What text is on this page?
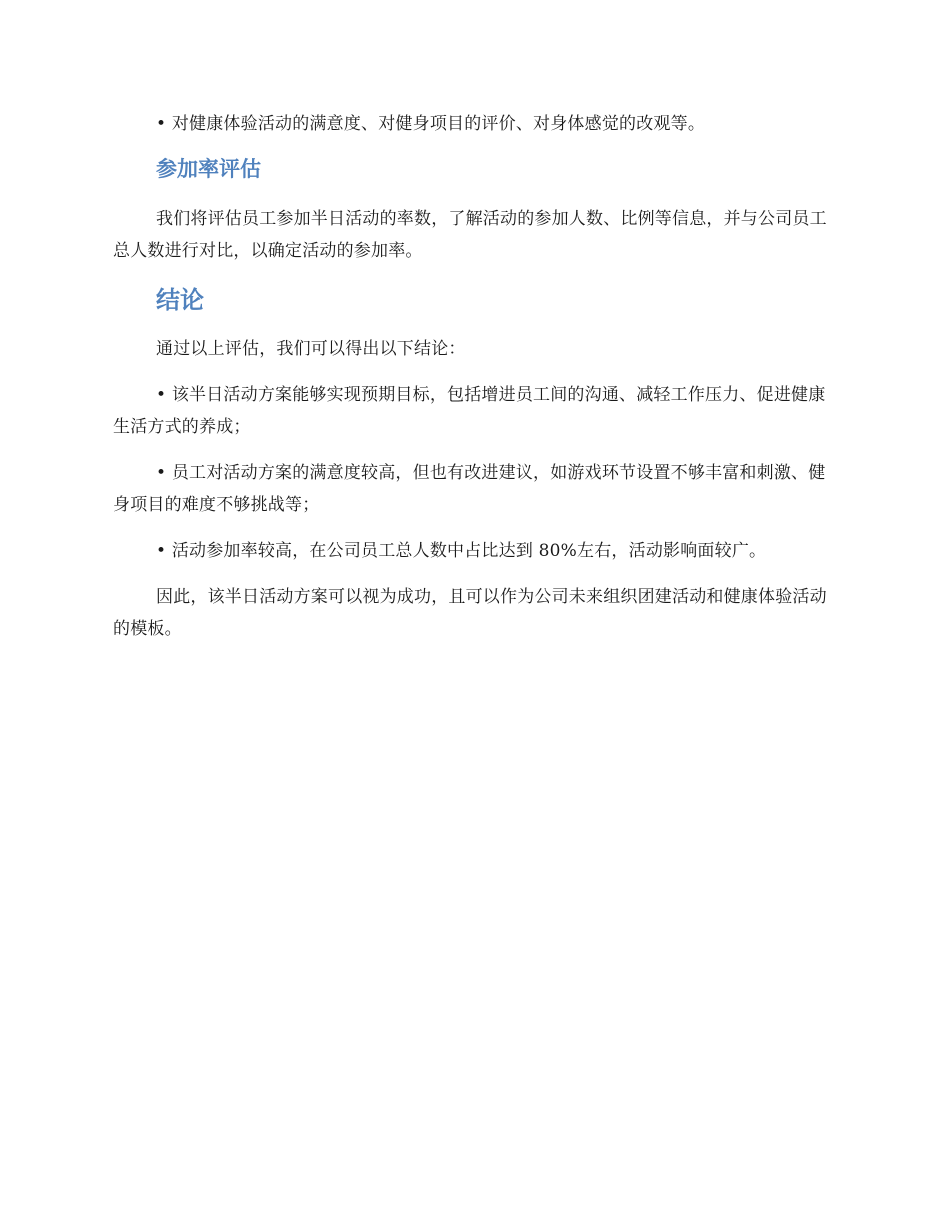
• 对健康体验活动的满意度、对健身项目的评价、对身体感觉的改观等。

参加率评估

我们将评估员工参加半日活动的率数，了解活动的参加人数、比例等信息，并与公司员工总人数进行对比，以确定活动的参加率。

结论

通过以上评估，我们可以得出以下结论：

• 该半日活动方案能够实现预期目标，包括增进员工间的沟通、减轻工作压力、促进健康生活方式的养成；

• 员工对活动方案的满意度较高，但也有改进建议，如游戏环节设置不够丰富和刺激、健身项目的难度不够挑战等；

• 活动参加率较高，在公司员工总人数中占比达到 80%左右，活动影响面较广。

因此，该半日活动方案可以视为成功，且可以作为公司未来组织团建活动和健康体验活动的模板。
